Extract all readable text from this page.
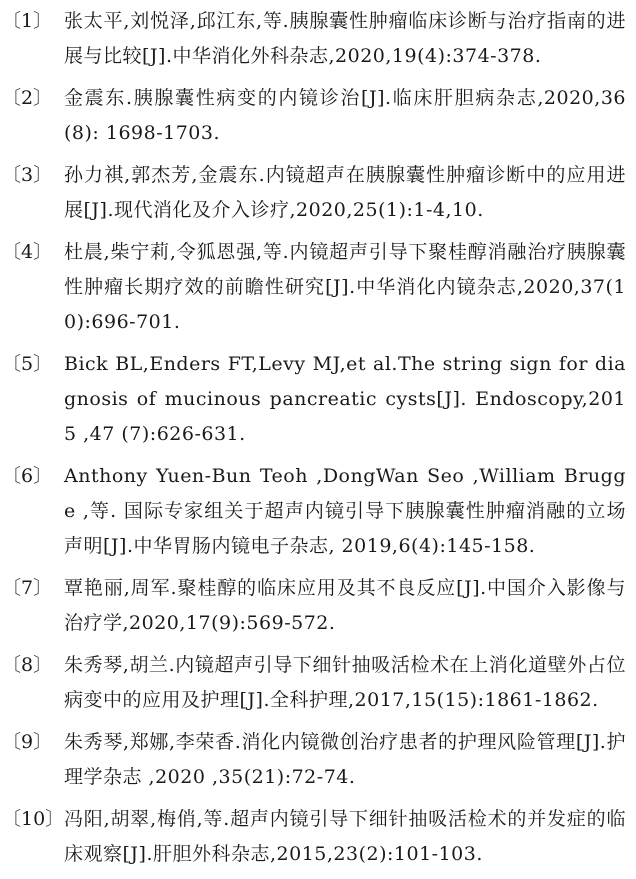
〔1〕 张太平,刘悦泽,邱江东,等.胰腺囊性肿瘤临床诊断与治疗指南的进展与比较[J].中华消化外科杂志,2020,19(4):374-378.
〔2〕 金震东.胰腺囊性病变的内镜诊治[J].临床肝胆病杂志,2020,36(8): 1698-1703.
〔3〕 孙力祺,郭杰芳,金震东.内镜超声在胰腺囊性肿瘤诊断中的应用进展[J].现代消化及介入诊疗,2020,25(1):1-4,10.
〔4〕 杜晨,柴宁莉,令狐恩强,等.内镜超声引导下聚桂醇消融治疗胰腺囊性肿瘤长期疗效的前瞻性研究[J].中华消化内镜杂志,2020,37(10):696-701.
〔5〕 Bick BL,Enders FT,Levy MJ,et al.The string sign for diagnosis of mucinous pancreatic cysts[J]. Endoscopy,2015 ,47 (7):626-631.
〔6〕 Anthony Yuen-Bun Teoh ,DongWan Seo ,William Brugge ,等. 国际专家组关于超声内镜引导下胰腺囊性肿瘤消融的立场声明[J].中华胃肠内镜电子杂志, 2019,6(4):145-158.
〔7〕 覃艳丽,周军.聚桂醇的临床应用及其不良反应[J].中国介入影像与治疗学,2020,17(9):569-572.
〔8〕 朱秀琴,胡兰.内镜超声引导下细针抽吸活检术在上消化道壁外占位病变中的应用及护理[J].全科护理,2017,15(15):1861-1862.
〔9〕 朱秀琴,郑娜,李荣香.消化内镜微创治疗患者的护理风险管理[J].护理学杂志 ,2020 ,35(21):72-74.
〔10〕 冯阳,胡翠,梅俏,等.超声内镜引导下细针抽吸活检术的并发症的临床观察[J].肝胆外科杂志,2015,23(2):101-103.
